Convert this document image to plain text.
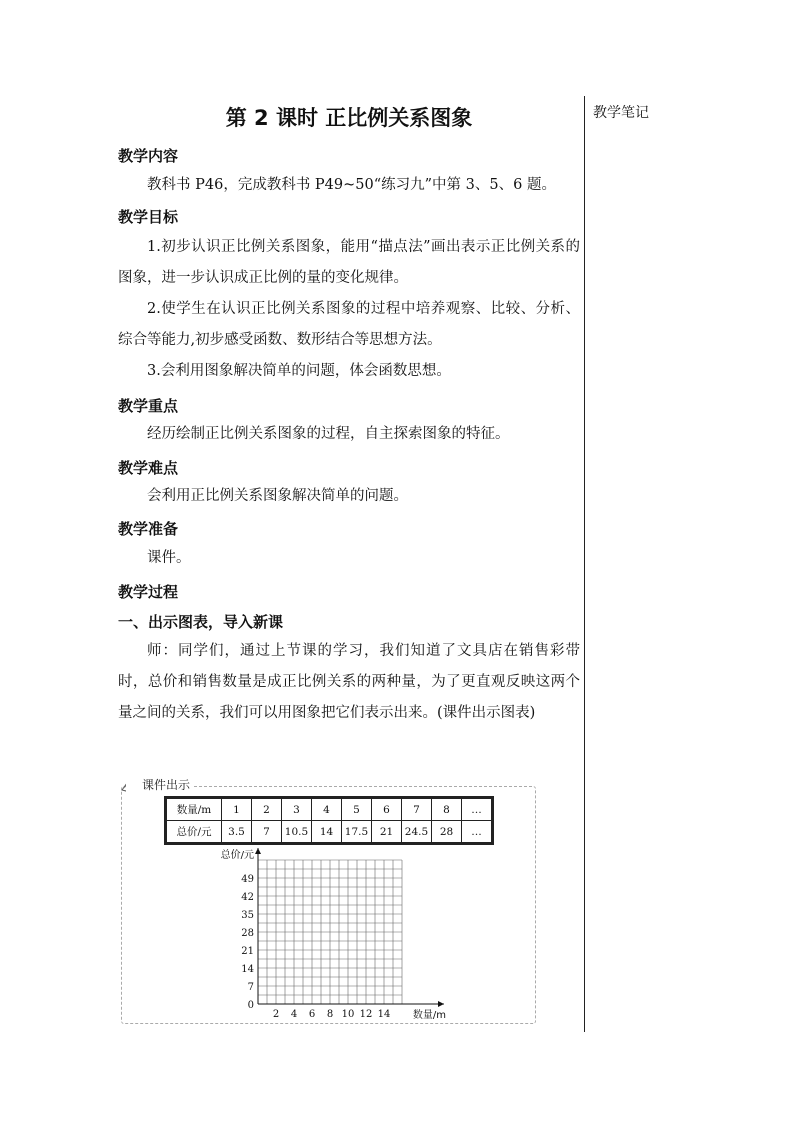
教学笔记
第 2 课时 正比例关系图象
教学内容
教科书 P46，完成教科书 P49~50“练习九”中第 3、5、6 题。
教学目标
1.初步认识正比例关系图象，能用“描点法”画出表示正比例关系的图象，进一步认识成正比例的量的变化规律。
2.使学生在认识正比例关系图象的过程中培养观察、比较、分析、综合等能力,初步感受函数、数形结合等思想方法。
3.会利用图象解决简单的问题，体会函数思想。
教学重点
经历绘制正比例关系图象的过程，自主探索图象的特征。
教学难点
会利用正比例关系图象解决简单的问题。
教学准备
课件。
教学过程
一、出示图表，导入新课
师：同学们，通过上节课的学习，我们知道了文具店在销售彩带时，总价和销售数量是成正比例关系的两种量，为了更直观反映这两个量之间的关系，我们可以用图象把它们表示出来。(课件出示图表)
课件出示
数量/m	1	2	3	4	5	6	7	8	…
总价/元	3.5	7	10.5	14	17.5	21	24.5	28	…
0
7
14
21
28
35
42
49
2 4 6 8 10 12 14
总价/元
数量/m
